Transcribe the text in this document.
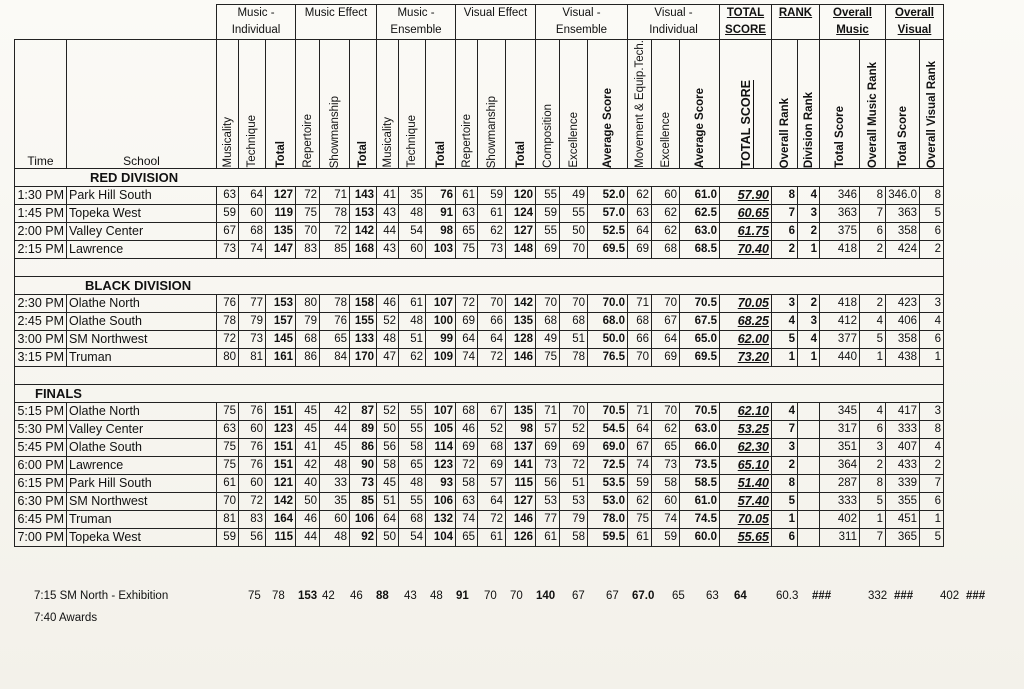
		Music - Individual			Music Effect			Music - Ensemble			Visual Effect			Visual - Ensemble			Visual - Individual			TOTAL SCORE	RANK		Overall Music		Overall Visual	
Time	School	Musicality	Technique	Total	Repertoire	Showmanship	Total	Musicality	Technique	Total	Repertoire	Showmanship	Total	Composition	Excellence	Average Score	Movement & Equip.Tech.	Excellence	Average Score	TOTAL SCORE	Overall Rank	Division Rank	Total Score	Overall Music Rank	Total Score	Overall Visual Rank

RED DIVISION																										
1:30 PM	Park Hill South	63	64	127	72	71	143	41	35	76	61	59	120	55	49	52.0	62	60	61.0	57.90	8	4	346	8	346.0	8
1:45 PM	Topeka West	59	60	119	75	78	153	43	48	91	63	61	124	59	55	57.0	63	62	62.5	60.65	7	3	363	7	363	5
2:00 PM	Valley Center	67	68	135	70	72	142	44	54	98	65	62	127	55	50	52.5	64	62	63.0	61.75	6	2	375	6	358	6
2:15 PM	Lawrence	73	74	147	83	85	168	43	60	103	75	73	148	69	70	69.5	69	68	68.5	70.40	2	1	418	2	424	2

BLACK DIVISION																										
2:30 PM	Olathe North	76	77	153	80	78	158	46	61	107	72	70	142	70	70	70.0	71	70	70.5	70.05	3	2	418	2	423	3
2:45 PM	Olathe South	78	79	157	79	76	155	52	48	100	69	66	135	68	68	68.0	68	67	67.5	68.25	4	3	412	4	406	4
3:00 PM	SM Northwest	72	73	145	68	65	133	48	51	99	64	64	128	49	51	50.0	66	64	65.0	62.00	5	4	377	5	358	6
3:15 PM	Truman	80	81	161	86	84	170	47	62	109	74	72	146	75	78	76.5	70	69	69.5	73.20	1	1	440	1	438	1

FINALS																										
5:15 PM	Olathe North	75	76	151	45	42	87	52	55	107	68	67	135	71	70	70.5	71	70	70.5	62.10	4		345	4	417	3
5:30 PM	Valley Center	63	60	123	45	44	89	50	55	105	46	52	98	57	52	54.5	64	62	63.0	53.25	7		317	6	333	8
5:45 PM	Olathe South	75	76	151	41	45	86	56	58	114	69	68	137	69	69	69.0	67	65	66.0	62.30	3		351	3	407	4
6:00 PM	Lawrence	75	76	151	42	48	90	58	65	123	72	69	141	73	72	72.5	74	73	73.5	65.10	2		364	2	433	2
6:15 PM	Park Hill South	61	60	121	40	33	73	45	48	93	58	57	115	56	51	53.5	59	58	58.5	51.40	8		287	8	339	7
6:30 PM	SM Northwest	70	72	142	50	35	85	51	55	106	63	64	127	53	53	53.0	62	60	61.0	57.40	5		333	5	355	6
6:45 PM	Truman	81	83	164	46	60	106	64	68	132	74	72	146	77	79	78.0	75	74	74.5	70.05	1		402	1	451	1
7:00 PM	Topeka West	59	56	115	44	48	92	50	54	104	65	61	126	61	58	59.5	61	59	60.0	55.65	6		311	7	365	5
7:15 SM North - Exhibition	75 78 153 42 46 88 43 48 91 70 70 140 67 67 67.0 65 63 64	60.3 ###	332 ### 402 ###
7:40 Awards
